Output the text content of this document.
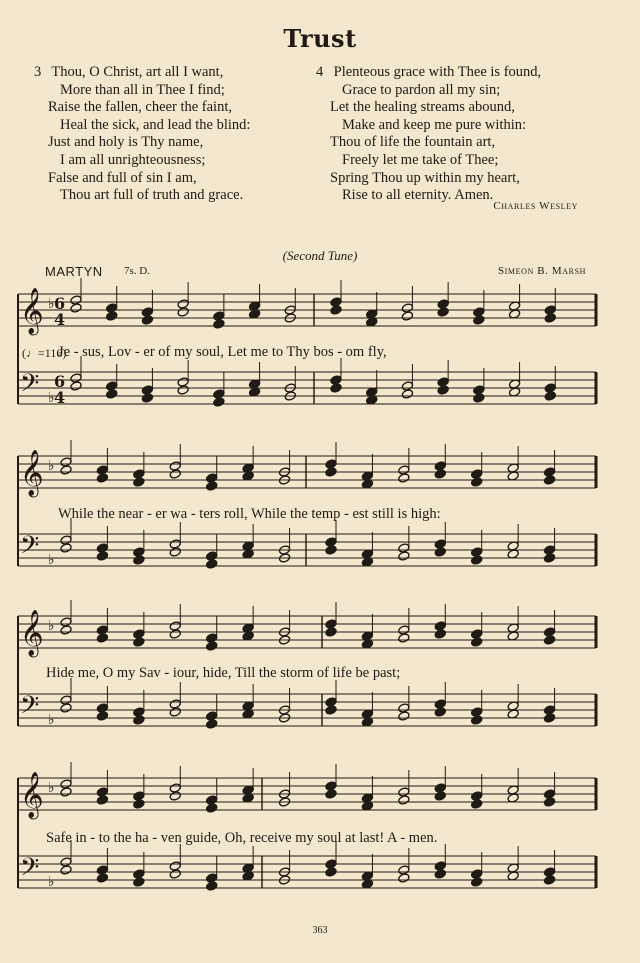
Trust
3 Thou, O Christ, art all I want,
More than all in Thee I find;
Raise the fallen, cheer the faint,
Heal the sick, and lead the blind:
Just and holy is Thy name,
I am all unrighteousness;
False and full of sin I am,
Thou art full of truth and grace.
4 Plenteous grace with Thee is found,
Grace to pardon all my sin;
Let the healing streams abound,
Make and keep me pure within:
Thou of life the fountain art,
Freely let me take of Thee;
Spring Thou up within my heart,
Rise to all eternity. Amen.
Charles Wesley
(Second Tune)
MARTYN 7s. D.	Simeon B. Marsh
𝄞 ♭ 6
4
𝄢 ♭
6
4
𝄞 ♭
𝄢 ♭
𝄞 ♭
𝄢 ♭
𝄞 ♭
𝄢 ♭
(♩=116)
Je - sus, Lov - er of my soul, Let me to Thy bos - om fly,
While the near - er wa - ters roll, While the temp - est still is high:
Hide me, O my Sav - iour, hide, Till the storm of life be past;
Safe in - to the ha - ven guide, Oh, receive my soul at last! A - men.
363
